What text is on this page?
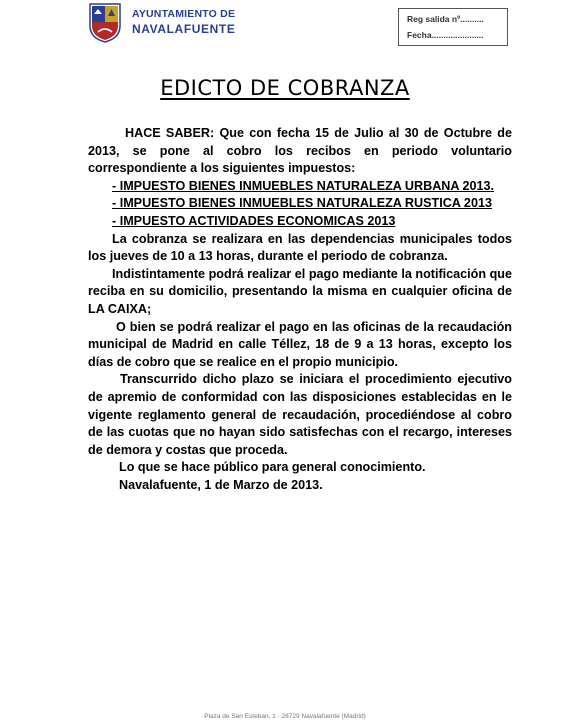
AYUNTAMIENTO DE
NAVALAFUENTE
Reg salida nº..........
Fecha......................
EDICTO DE COBRANZA

HACE SABER: Que con fecha 15 de Julio al 30 de Octubre de 2013, se pone al cobro los recibos en periodo voluntario correspondiente a los siguientes impuestos:

- IMPUESTO BIENES INMUEBLES NATURALEZA URBANA 2013.
- IMPUESTO BIENES INMUEBLES NATURALEZA RUSTICA 2013
- IMPUESTO ACTIVIDADES ECONOMICAS 2013

La cobranza se realizara en las dependencias municipales todos los jueves de 10 a 13 horas, durante el periodo de cobranza.

Indistintamente podrá realizar el pago mediante la notificación que reciba en su domicilio, presentando la misma en cualquier oficina de LA CAIXA;

O bien se podrá realizar el pago en las oficinas de la recaudación municipal de Madrid en calle Téllez, 18 de 9 a 13 horas, excepto los días de cobro que se realice en el propio municipio.

Transcurrido dicho plazo se iniciara el procedimiento ejecutivo de apremio de conformidad con las disposiciones establecidas en le vigente reglamento general de recaudación, procediéndose al cobro de las cuotas que no hayan sido satisfechas con el recargo, intereses de demora y costas que proceda.

Lo que se hace público para general conocimiento.

Navalafuente, 1 de Marzo de 2013.

Plaza de San Esteban, 1 · 28729 Navalafuente (Madrid)
